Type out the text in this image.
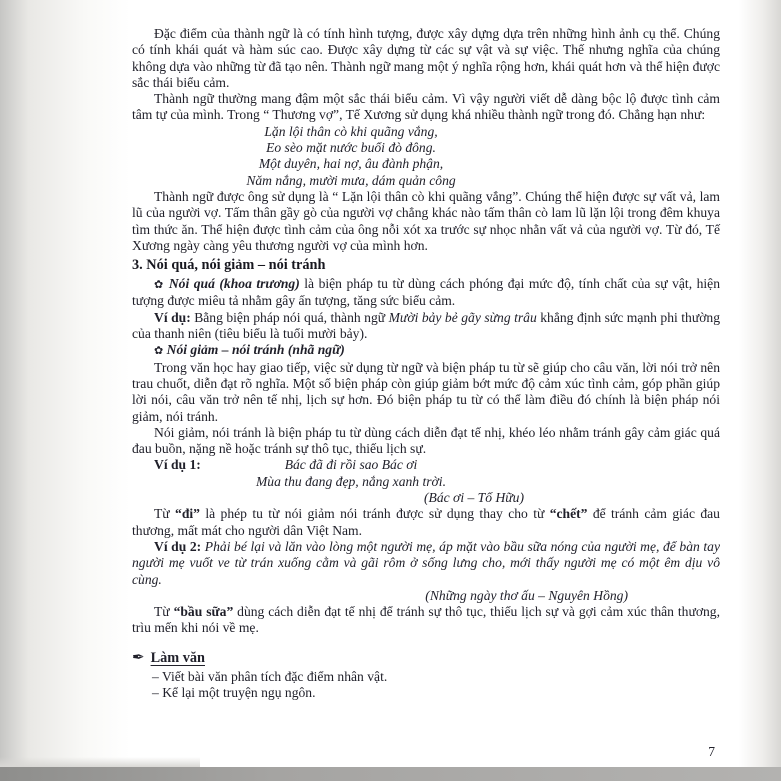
Đặc điểm của thành ngữ là có tính hình tượng, được xây dựng dựa trên những hình ảnh cụ thể. Chúng có tính khái quát và hàm súc cao. Được xây dựng từ các sự vật và sự việc. Thế nhưng nghĩa của chúng không dựa vào những từ đã tạo nên. Thành ngữ mang một ý nghĩa rộng hơn, khái quát hơn và thể hiện được sắc thái biểu cảm.

Thành ngữ thường mang đậm một sắc thái biểu cảm. Vì vậy người viết dễ dàng bộc lộ được tình cảm tâm tự của mình. Trong “ Thương vợ”, Tế Xương sử dụng khá nhiều thành ngữ trong đó. Chẳng hạn như:

Lặn lội thân cò khi quãng vắng,
Eo sèo mặt nước buổi đò đông.
Một duyên, hai nợ, âu đành phận,
Năm nắng, mười mưa, dám quản công

Thành ngữ được ông sử dụng là “ Lặn lội thân cò khi quãng vắng”. Chúng thể hiện được sự vất vả, lam lũ của người vợ. Tấm thân gầy gò của người vợ chẳng khác nào tấm thân cò lam lũ lặn lội trong đêm khuya tìm thức ăn. Thể hiện được tình cảm của ông nỗi xót xa trước sự nhọc nhằn vất vả của người vợ. Từ đó, Tế Xương ngày càng yêu thương người vợ của mình hơn.

3. Nói quá, nói giảm – nói tránh

✿ Nói quá (khoa trương) là biện pháp tu từ dùng cách phóng đại mức độ, tính chất của sự vật, hiện tượng được miêu tả nhằm gây ấn tượng, tăng sức biểu cảm.

Ví dụ: Bằng biện pháp nói quá, thành ngữ Mười bảy bẻ gãy sừng trâu khẳng định sức mạnh phi thường của thanh niên (tiêu biểu là tuổi mười bảy).

✿ Nói giảm – nói tránh (nhã ngữ)

Trong văn học hay giao tiếp, việc sử dụng từ ngữ và biện pháp tu từ sẽ giúp cho câu văn, lời nói trở nên trau chuốt, diễn đạt rõ nghĩa. Một số biện pháp còn giúp giảm bớt mức độ cảm xúc tình cảm, góp phần giúp lời nói, câu văn trở nên tế nhị, lịch sự hơn. Đó biện pháp tu từ có thể làm điều đó chính là biện pháp nói giảm, nói tránh.

Nói giảm, nói tránh là biện pháp tu từ dùng cách diễn đạt tế nhị, khéo léo nhằm tránh gây cảm giác quá đau buồn, nặng nề hoặc tránh sự thô tục, thiếu lịch sự.

Ví dụ 1:	Bác đã đi rồi sao Bác ơi
Mùa thu đang đẹp, nắng xanh trời.
(Bác ơi – Tố Hữu)

Từ “đi” là phép tu từ nói giảm nói tránh được sử dụng thay cho từ “chết” để tránh cảm giác đau thương, mất mát cho người dân Việt Nam.

Ví dụ 2: Phải bé lại và lăn vào lòng một người mẹ, áp mặt vào bầu sữa nóng của người mẹ, để bàn tay người mẹ vuốt ve từ trán xuống cằm và gãi rôm ở sống lưng cho, mới thấy người mẹ có một êm dịu vô cùng.

(Những ngày thơ ấu – Nguyên Hồng)

Từ “bầu sữa” dùng cách diễn đạt tế nhị để tránh sự thô tục, thiếu lịch sự và gợi cảm xúc thân thương, trìu mến khi nói về mẹ.

✒ Làm văn

– Viết bài văn phân tích đặc điểm nhân vật.

– Kể lại một truyện ngụ ngôn.

7
